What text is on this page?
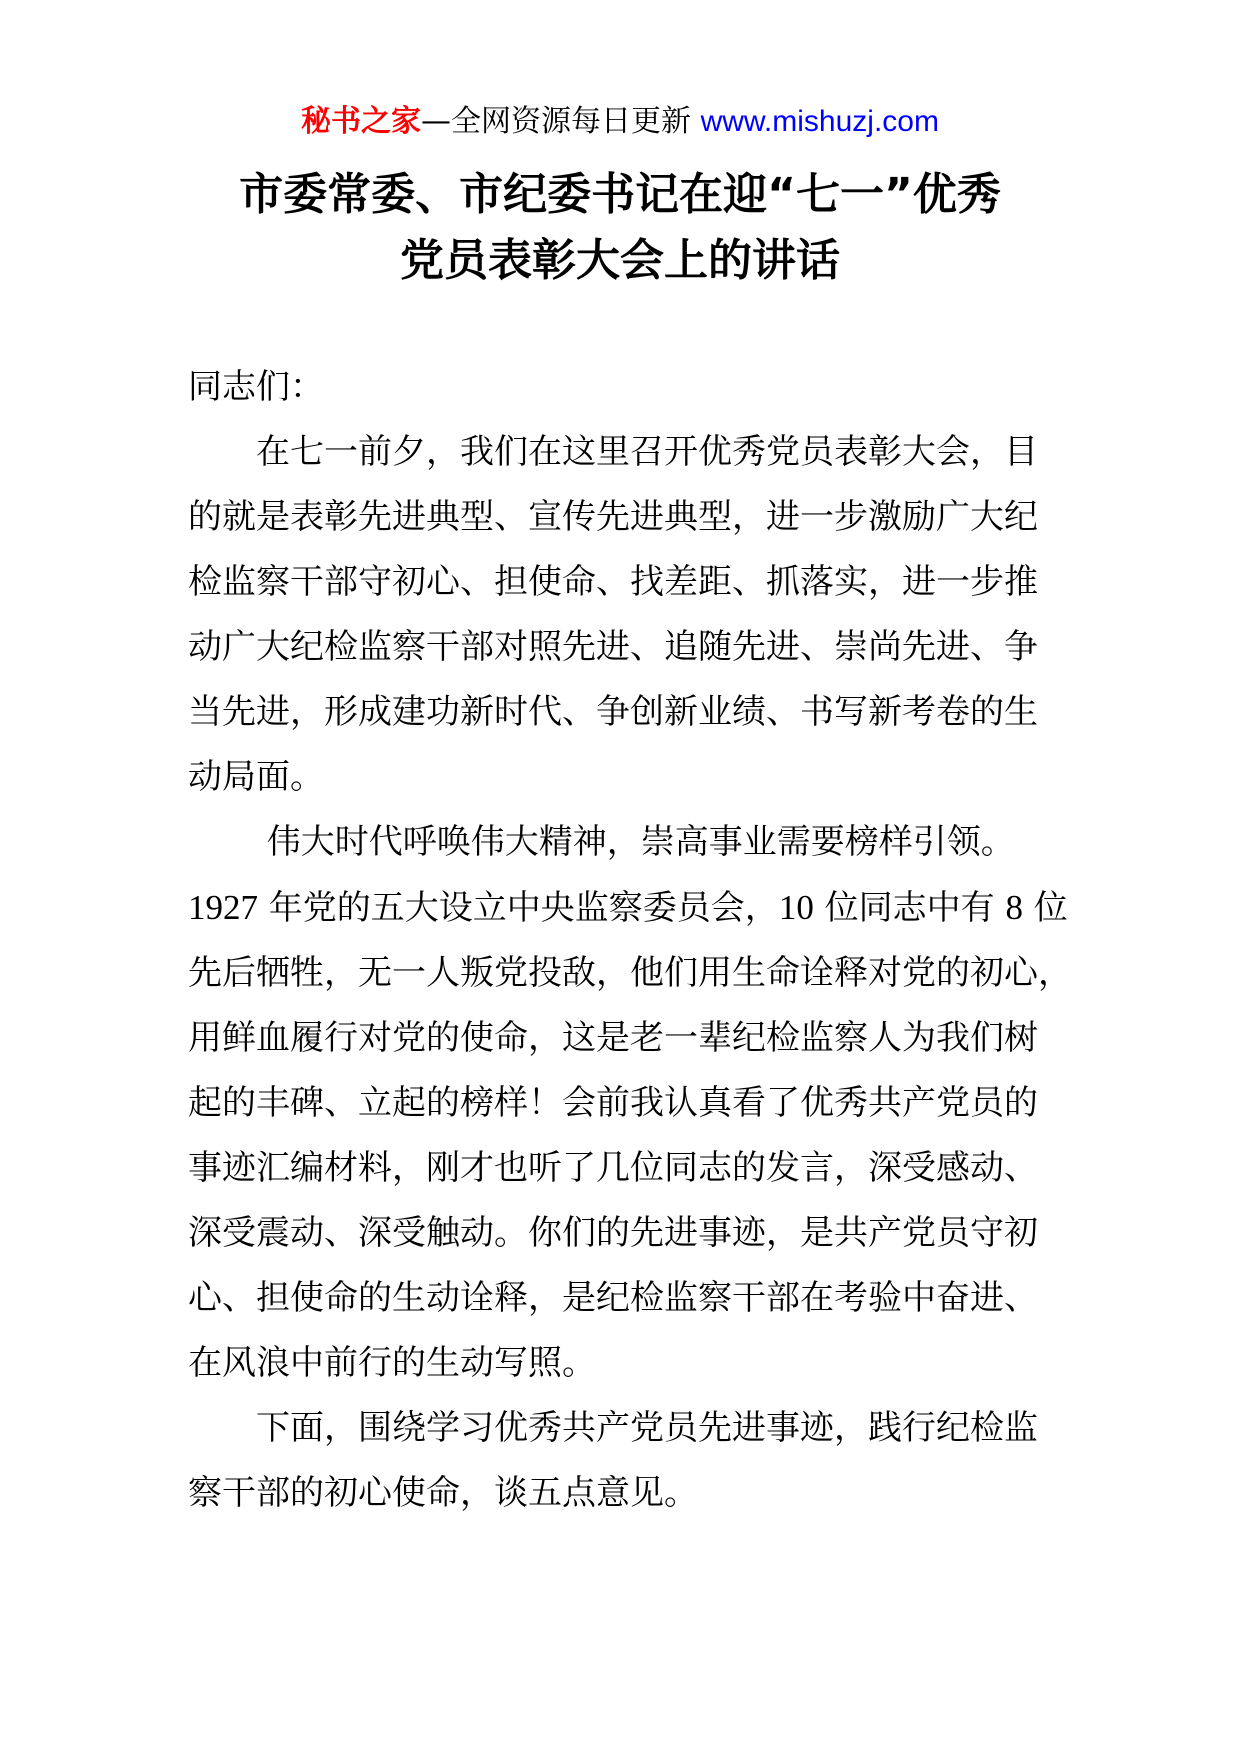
秘书之家—全网资源每日更新 www.mishuzj.com
市委常委、市纪委书记在迎“七一”优秀
党员表彰大会上的讲话
同志们：
　　在七一前夕，我们在这里召开优秀党员表彰大会，目
的就是表彰先进典型、宣传先进典型，进一步激励广大纪
检监察干部守初心、担使命、找差距、抓落实，进一步推
动广大纪检监察干部对照先进、追随先进、崇尚先进、争
当先进，形成建功新时代、争创新业绩、书写新考卷的生
动局面。
　　 伟大时代呼唤伟大精神，崇高事业需要榜样引领。
1927 年党的五大设立中央监察委员会，10 位同志中有 8 位
先后牺牲，无一人叛党投敌，他们用生命诠释对党的初心，
用鲜血履行对党的使命，这是老一辈纪检监察人为我们树
起的丰碑、立起的榜样！会前我认真看了优秀共产党员的
事迹汇编材料，刚才也听了几位同志的发言，深受感动、
深受震动、深受触动。你们的先进事迹，是共产党员守初
心、担使命的生动诠释，是纪检监察干部在考验中奋进、
在风浪中前行的生动写照。
　　下面，围绕学习优秀共产党员先进事迹，践行纪检监
察干部的初心使命，谈五点意见。
